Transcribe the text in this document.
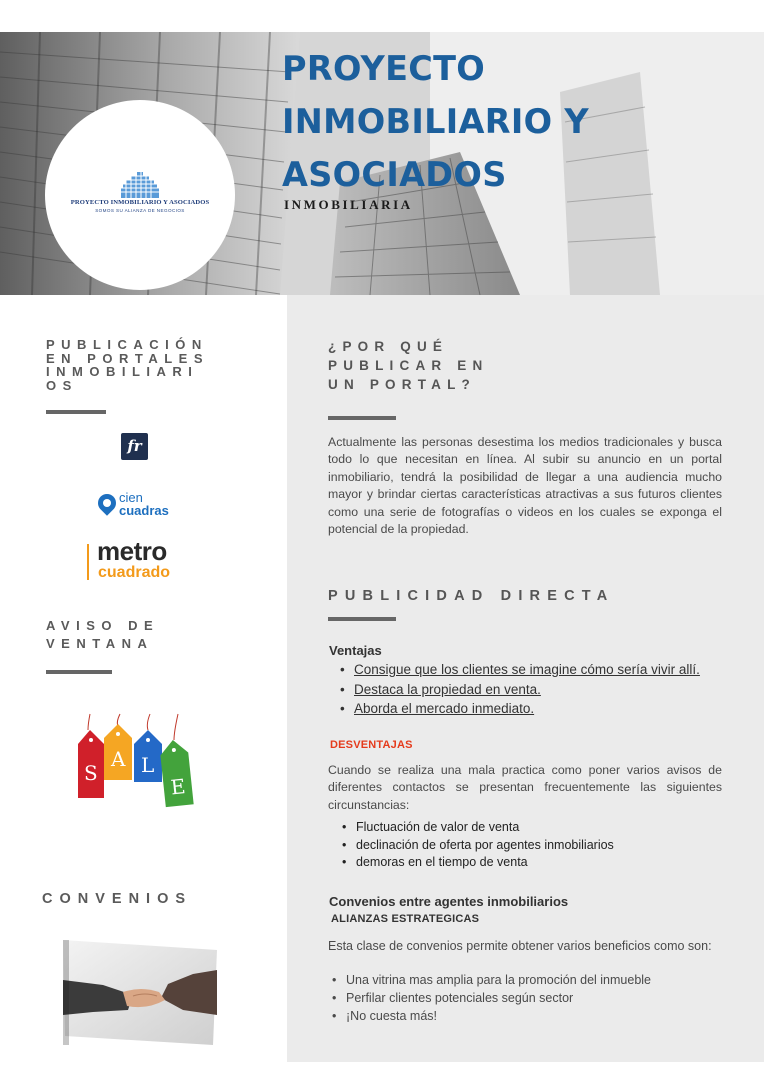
PROYECTO INMOBILIARIO Y ASOCIADOS
SOMOS SU ALIANZA DE NEGOCIOS
PROYECTO
INMOBILIARIO Y
ASOCIADOS
INMOBILIARIA
PUBLICACIÓN
EN PORTALES
INMOBILIARI
OS
fr
cien
cuadras
metro
cuadrado
AVISO DE
VENTANA
S
A L
E
CONVENIOS
¿POR QUÉ
PUBLICAR EN
UN PORTAL?
Actualmente las personas desestima los medios tradicionales y busca todo lo que necesitan en línea. Al subir su anuncio en un portal inmobiliario, tendrá la posibilidad de llegar a una audiencia mucho mayor y brindar ciertas características atractivas a sus futuros clientes como una serie de fotografías o videos en los cuales se exponga el potencial de la propiedad.
PUBLICIDAD DIRECTA
Ventajas
• Consigue que los clientes se imagine cómo sería vivir allí.
• Destaca la propiedad en venta.
• Aborda el mercado inmediato.
DESVENTAJAS
Cuando se realiza una mala practica como poner varios avisos de diferentes contactos se presentan frecuentemente las siguientes circunstancias:
• Fluctuación de valor de venta
• declinación de oferta por agentes inmobiliarios
• demoras en el tiempo de venta
Convenios entre agentes inmobiliarios
ALIANZAS ESTRATEGICAS
Esta clase de convenios permite obtener varios beneficios como son:
• Una vitrina mas amplia para la promoción del inmueble
• Perfilar clientes potenciales según sector
• ¡No cuesta más!
